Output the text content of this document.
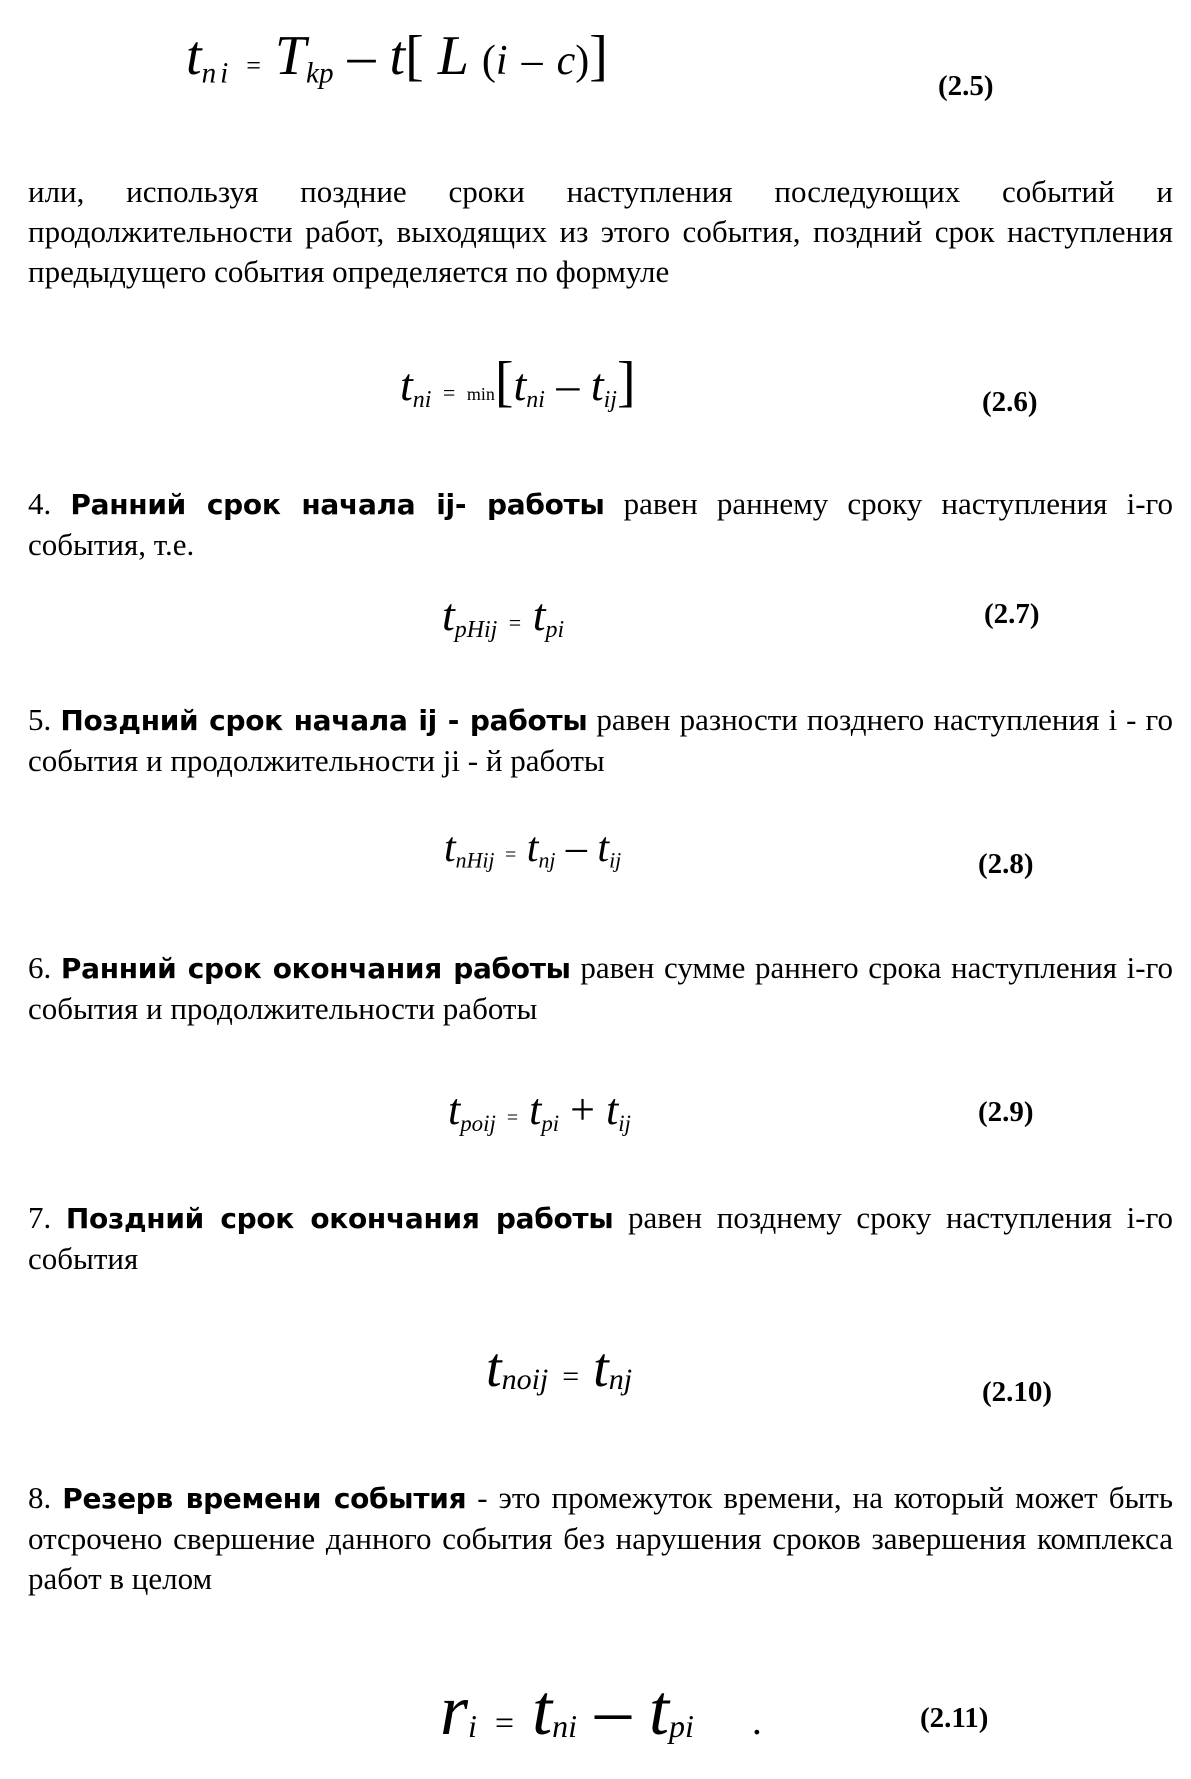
$t_{ni} = T_{kp} - t$[ L (i – c)]	(2.5)
или, используя поздние сроки наступления последующих событий и продолжительности работ, выходящих из этого события, поздний срок наступления предыдущего события определяется по формуле
$t_{ni} = \min[t_{ni} - t_{ij}]$	(2.6)
4. Ранний срок начала ij- работы равен раннему сроку наступления i-го события, т.е.
$t_{pHij} = t_{pi}$
(2.7)
5. Поздний срок начала ij - работы равен разности позднего наступления i - го события и продолжительности ji - й работы
$t_{nHij} = t_{nj} - t_{ij}$	(2.8)
6. Ранний срок окончания работы равен сумме раннего срока наступления i-го события и продолжительности работы
$t_{poij} = t_{pi} + t_{ij}$	(2.9)
7. Поздний срок окончания работы равен позднему сроку наступления i-го события
$t_{noij} = t_{nj}$	(2.10)
8. Резерв времени события - это промежуток времени, на который может быть отсрочено свершение данного события без нарушения сроков завершения комплекса работ в целом
$r_i = t_{ni} - t_{pi}$ .	(2.11)
